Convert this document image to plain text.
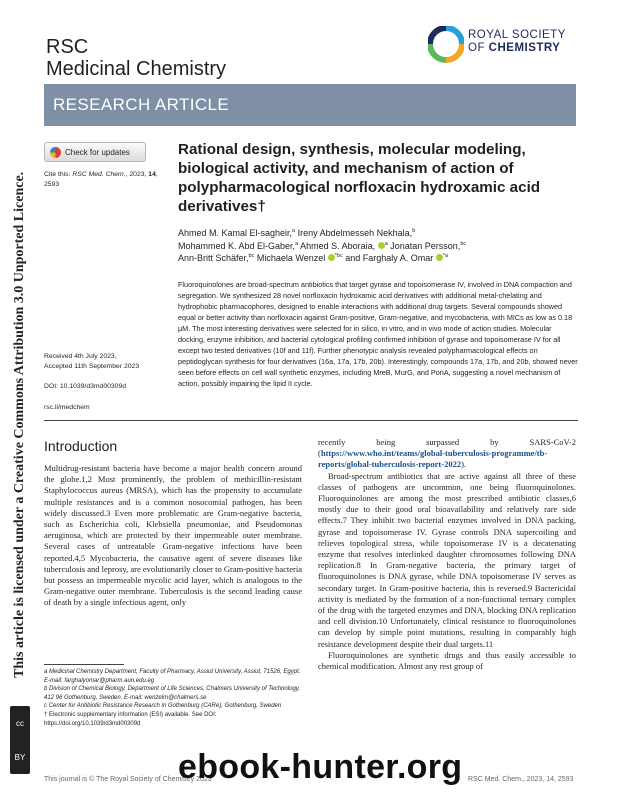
RSC
Medicinal Chemistry
ROYAL SOCIETY
OF CHEMISTRY
RESEARCH ARTICLE
Check for updates
Cite this: RSC Med. Chem., 2023, 14, 2593
Received 4th July 2023,
Accepted 11th September 2023
DOI: 10.1039/d3md00309d
rsc.li/medchem
Rational design, synthesis, molecular modeling, biological activity, and mechanism of action of polypharmacological norfloxacin hydroxamic acid derivatives†
Ahmed M. Kamal El-sagheir,$^a$ Ireny Abdelmesseh Nekhala,$^b$
Mohammed K. Abd El-Gaber,$^a$ Ahmed S. Aboraia, $^a$ Jonatan Persson,$^{bc}$
Ann-Britt Schäfer,$^{bc}$ Michaela Wenzel $^{*bc}$ and Farghaly A. Omar $^{*a}$
Fluoroquinolones are broad-spectrum antibiotics that target gyrase and topoisomerase IV, involved in DNA compaction and segregation. We synthesized 28 novel norfloxacin hydroxamic acid derivatives with additional metal-chelating and hydrophobic pharmacophores, designed to enable interactions with additional drug targets. Several compounds showed equal or better activity than norfloxacin against Gram-positive, Gram-negative, and mycobacteria, with MICs as low as 0.18 μM. The most interesting derivatives were selected for in silico, in vitro, and in vivo mode of action studies. Molecular docking, enzyme inhibition, and bacterial cytological profiling confirmed inhibition of gyrase and topoisomerase IV for all except two tested derivatives (10f and 11f). Further phenotypic analysis revealed polypharmacological effects on peptidoglycan synthesis for four derivatives (16a, 17a, 17b, 20b). Interestingly, compounds 17a, 17b, and 20b, showed never seen before effects on cell wall synthetic enzymes, including MreB, MurG, and PonA, suggesting a novel mechanism of action, possibly impairing the lipid II cycle.
Introduction
Multidrug-resistant bacteria have become a major health concern around the globe.1,2 Most prominently, the problem of methicillin-resistant Staphylococcus aureus (MRSA), which has the propensity to accumulate multiple resistances and is a common nosocomial pathogen, has been widely discussed.3 Even more problematic are Gram-negative bacteria, such as Escherichia coli, Klebsiella pneumoniae, and Pseudomonas aeruginosa, which are protected by their impermeable outer membrane. Several cases of untreatable Gram-negative infections have been reported.4,5 Mycobacteria, the causative agent of severe diseases like tuberculosis and leprosy, are evolutionarily closer to Gram-positive bacteria but possess an impermeable mycolic acid layer, which is analogous to the Gram-negative outer membrane. Tuberculosis is the second leading cause of death by a single infectious agent, only
recently being surpassed by SARS-CoV-2 (https://www.who.int/teams/global-tuberculosis-programme/tb-reports/global-tuberculosis-report-2022).
Broad-spectrum antibiotics that are active against all three of these classes of pathogens are uncommon, one being fluoroquinolones. Fluoroquinolones are among the most prescribed antibiotic classes,6 mostly due to their good oral bioavailability and relatively rare side effects.7 They inhibit two bacterial enzymes involved in DNA packing, gyrase and topoisomerase IV. Gyrase controls DNA supercoiling and relieves topological stress, while topoisomerase IV is a decatenating enzyme that resolves interlinked daughter chromosomes following DNA replication.8 In Gram-negative bacteria, the primary target of fluoroquinolones is DNA gyrase, while DNA topoisomerase IV serves as secondary target. In Gram-positive bacteria, this is reversed.9 Bactericidal activity is mediated by the formation of a non-functional ternary complex of the drug with the targeted enzymes and DNA, blocking DNA replication and cell division.10 Unfortunately, clinical resistance to fluoroquinolones can develop by simple point mutations, resulting in comparably high resistance development despite their dual targets.11
Fluoroquinolones are synthetic drugs and thus easily accessible to chemical modification. Almost any rest group of
a Medicinal Chemistry Department, Faculty of Pharmacy, Assiut University, Assiut, 71526, Egypt. E-mail: farghalyomar@pharm.aun.edu.eg
b Division of Chemical Biology, Department of Life Sciences, Chalmers University of Technology, 412 96 Gothenburg, Sweden. E-mail: wenzelm@chalmers.se
c Center for Antibiotic Resistance Research in Gothenburg (CARe), Gothenburg, Sweden
† Electronic supplementary information (ESI) available. See DOI: https://doi.org/10.1039/d3md00309d
This journal is © The Royal Society of Chemistry 2023	RSC Med. Chem., 2023, 14, 2593
ebook-hunter.org
This article is licensed under a Creative Commons Attribution 3.0 Unported Licence.
cc
BY
